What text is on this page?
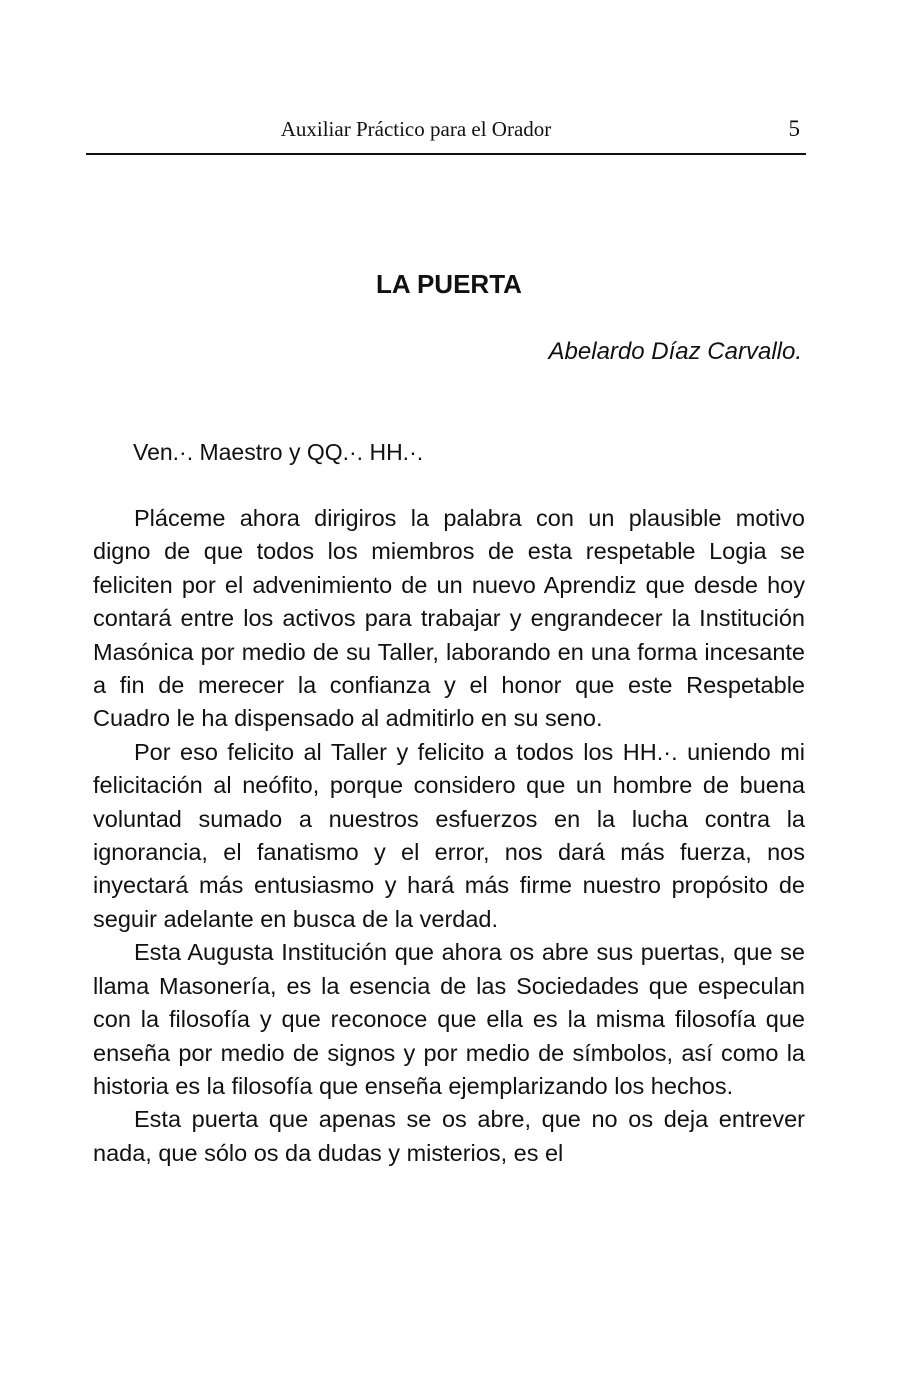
Auxiliar Práctico para el Orador	5
LA PUERTA
Abelardo Díaz Carvallo.
Ven.·. Maestro y QQ.·. HH.·.

Pláceme ahora dirigiros la palabra con un plausible motivo digno de que todos los miembros de esta respetable Logia se feliciten por el advenimiento de un nuevo Aprendiz que desde hoy contará entre los activos para trabajar y engrandecer la Institución Masónica por medio de su Taller, laborando en una forma incesante a fin de merecer la confianza y el honor que este Respetable Cuadro le ha dispensado al admitirlo en su seno.

Por eso felicito al Taller y felicito a todos los HH.·. uniendo mi felicitación al neófito, porque considero que un hombre de buena voluntad sumado a nuestros esfuerzos en la lucha contra la ignorancia, el fanatismo y el error, nos dará más fuerza, nos inyectará más entusiasmo y hará más firme nuestro propósito de seguir adelante en busca de la verdad.

Esta Augusta Institución que ahora os abre sus puertas, que se llama Masonería, es la esencia de las Sociedades que especulan con la filosofía y que reconoce que ella es la misma filosofía que enseña por medio de signos y por medio de símbolos, así como la historia es la filosofía que enseña ejemplarizando los hechos.

Esta puerta que apenas se os abre, que no os deja entrever nada, que sólo os da dudas y misterios, es el
